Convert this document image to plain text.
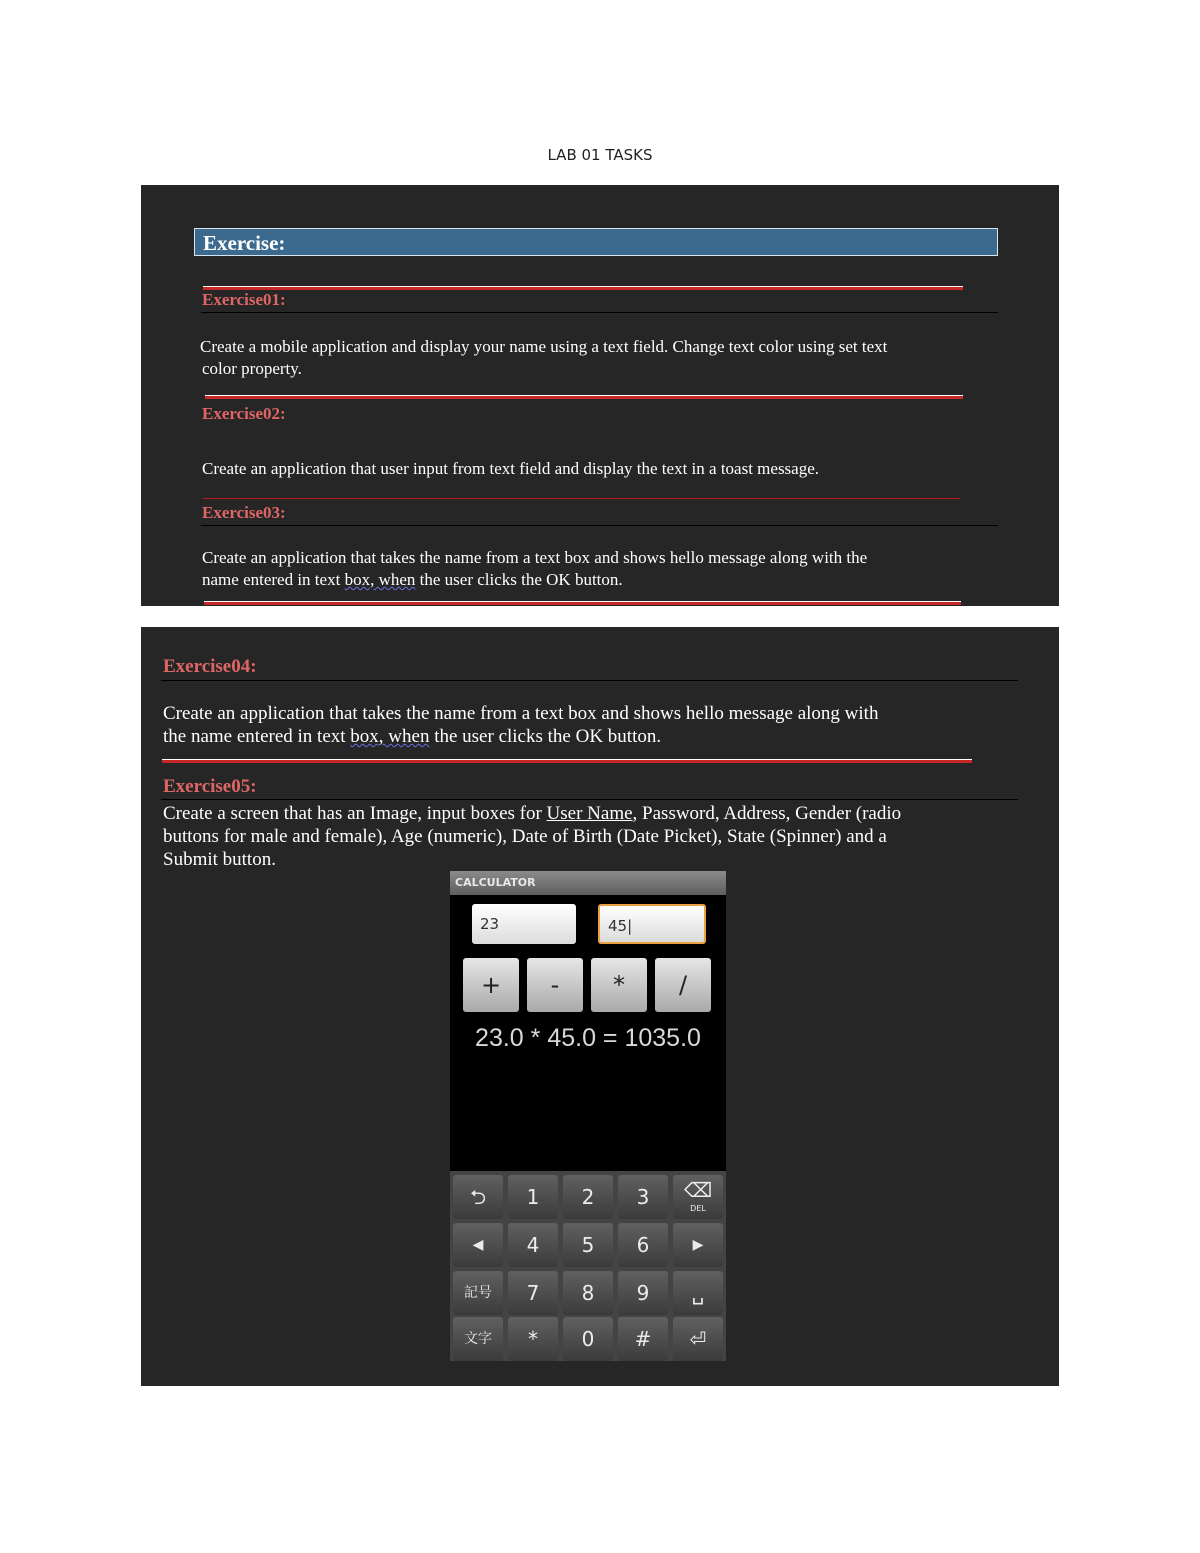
LAB 01 TASKS
Exercise:
Exercise01:
Create a mobile application and display your name using a text field. Change text color using set text
color property.
Exercise02:
Create an application that user input from text field and display the text in a toast message.
Exercise03:
Create an application that takes the name from a text box and shows hello message along with the
name entered in text box, when the user clicks the OK button.
Exercise04:
Create an application that takes the name from a text box and shows hello message along with
the name entered in text box, when the user clicks the OK button.
Exercise05:
Create a screen that has an Image, input boxes for User Name, Password, Address, Gender (radio
buttons for male and female), Age (numeric), Date of Birth (Date Picket), State (Spinner) and a
Submit button.
CALCULATOR
23	45|
+	-	*	/
23.0 * 45.0 = 1035.0
⮌	1	2	3	⌫
DEL
◀	4	5	6	▶
記号	7	8	9	␣
文字	*	0	#	⏎
